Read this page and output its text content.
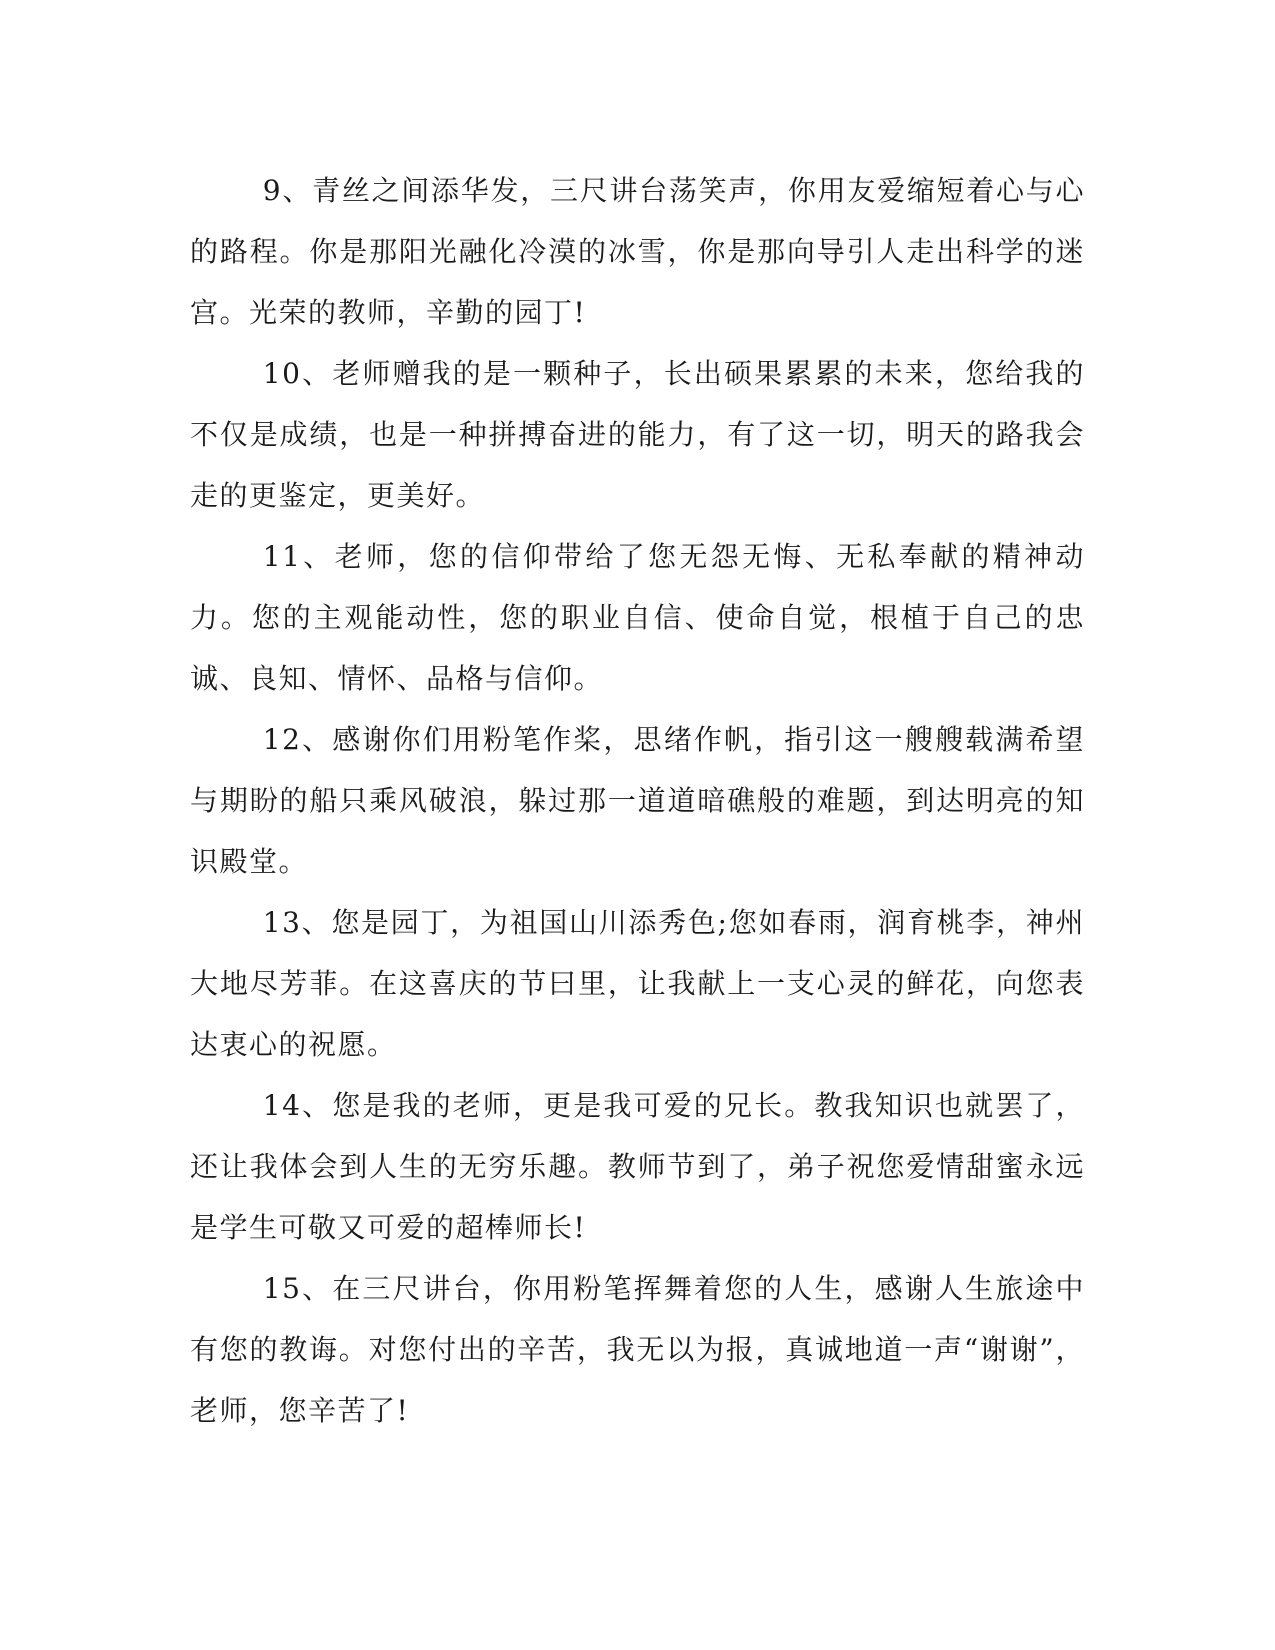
9、青丝之间添华发，三尺讲台荡笑声，你用友爱缩短着心与心的路程。你是那阳光融化冷漠的冰雪，你是那向导引人走出科学的迷宫。光荣的教师，辛勤的园丁!

10、老师赠我的是一颗种子，长出硕果累累的未来，您给我的不仅是成绩，也是一种拼搏奋进的能力，有了这一切，明天的路我会走的更鉴定，更美好。

11、老师，您的信仰带给了您无怨无悔、无私奉献的精神动力。您的主观能动性，您的职业自信、使命自觉，根植于自己的忠诚、良知、情怀、品格与信仰。

12、感谢你们用粉笔作桨，思绪作帆，指引这一艘艘载满希望与期盼的船只乘风破浪，躲过那一道道暗礁般的难题，到达明亮的知识殿堂。

13、您是园丁，为祖国山川添秀色;您如春雨，润育桃李，神州大地尽芳菲。在这喜庆的节曰里，让我献上一支心灵的鲜花，向您表达衷心的祝愿。

14、您是我的老师，更是我可爱的兄长。教我知识也就罢了，还让我体会到人生的无穷乐趣。教师节到了，弟子祝您爱情甜蜜永远是学生可敬又可爱的超棒师长!

15、在三尺讲台，你用粉笔挥舞着您的人生，感谢人生旅途中有您的教诲。对您付出的辛苦，我无以为报，真诚地道一声“谢谢”，老师，您辛苦了!
